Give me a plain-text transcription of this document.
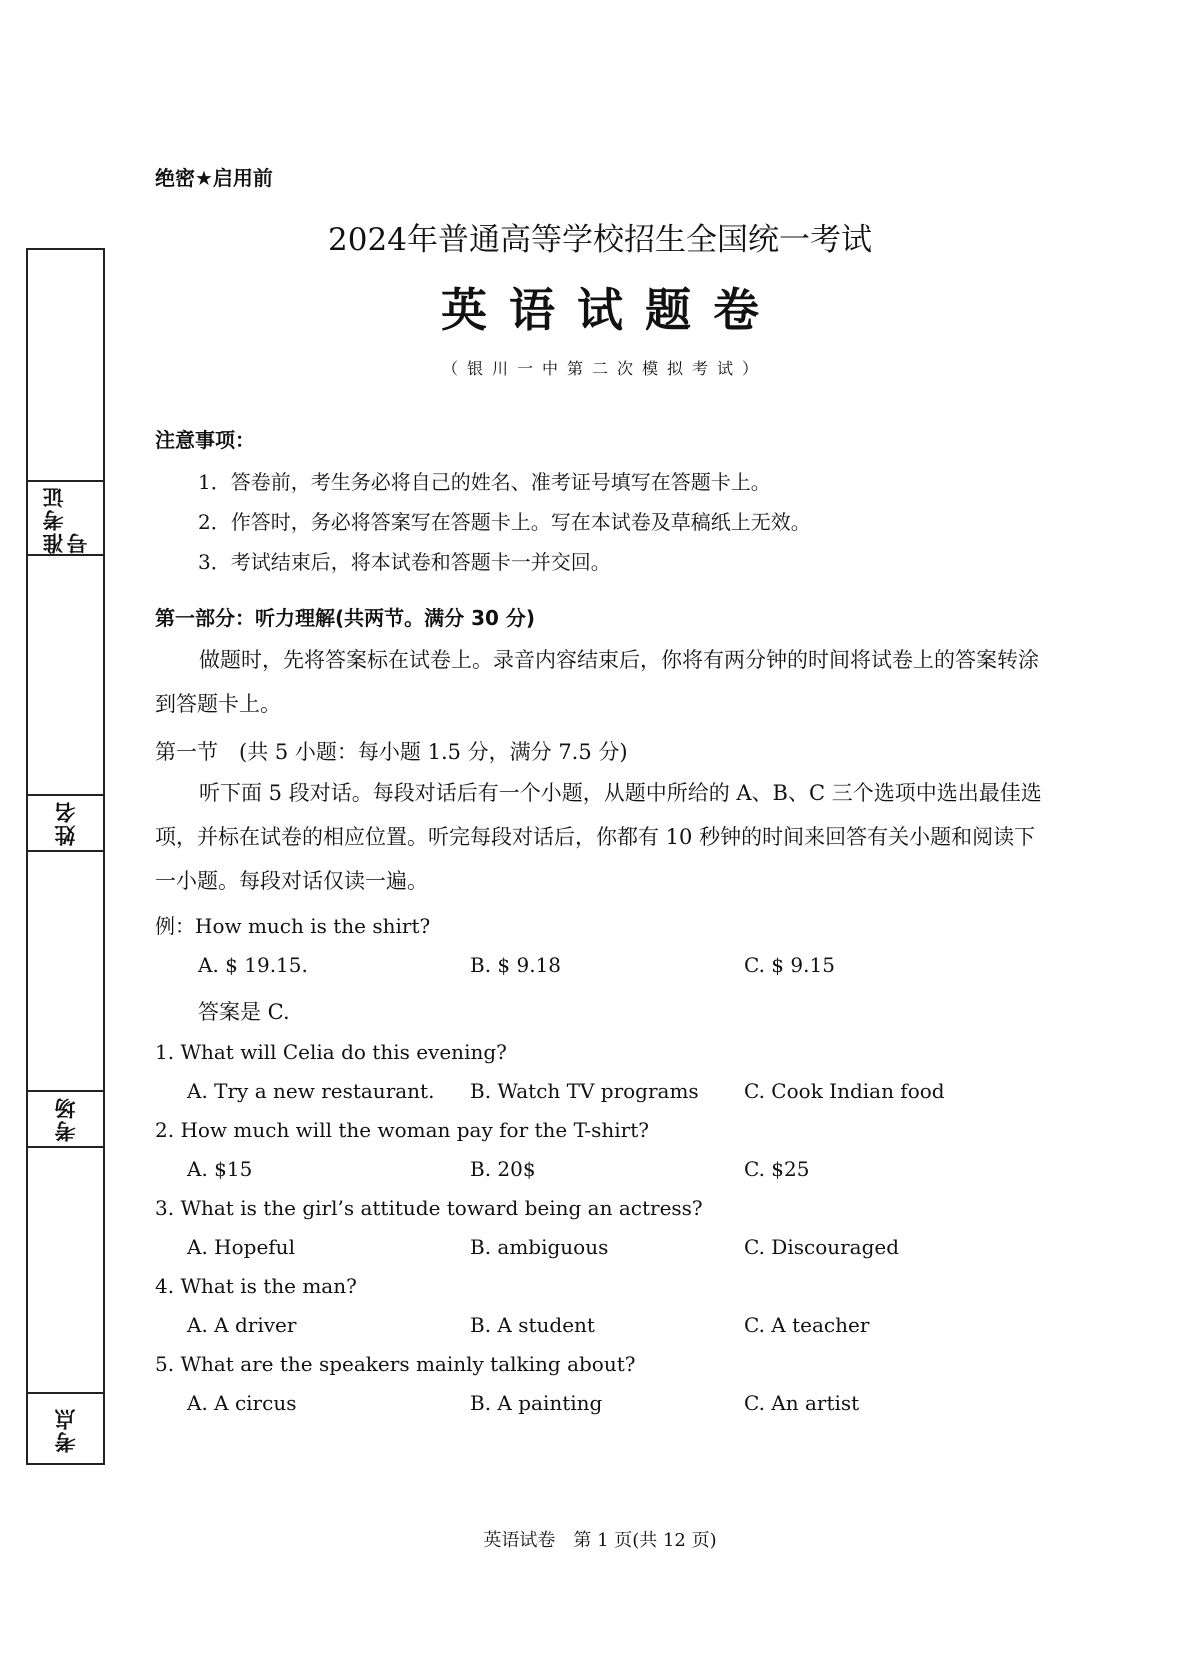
准考证号
姓名
考场
考点
绝密★启用前
2024年普通高等学校招生全国统一考试
英语试题卷
（银川一中第二次模拟考试）
注意事项：
1．答卷前，考生务必将自己的姓名、准考证号填写在答题卡上。
2．作答时，务必将答案写在答题卡上。写在本试卷及草稿纸上无效。
3．考试结束后，将本试卷和答题卡一并交回。
第一部分：听力理解(共两节。满分 30 分)
做题时，先将答案标在试卷上。录音内容结束后，你将有两分钟的时间将试卷上的答案转涂到答题卡上。
第一节　(共 5 小题：每小题 1.5 分，满分 7.5 分)
听下面 5 段对话。每段对话后有一个小题，从题中所给的 A、B、C 三个选项中选出最佳选项，并标在试卷的相应位置。听完每段对话后，你都有 10 秒钟的时间来回答有关小题和阅读下一小题。每段对话仅读一遍。
例：How much is the shirt?
A. $ 19.15.	B. $ 9.18	C. $ 9.15
答案是 C.
1. What will Celia do this evening?
A. Try a new restaurant. B. Watch TV programs C. Cook Indian food
2. How much will the woman pay for the T-shirt?
A. $15	B. 20$	C. $25
3. What is the girl’s attitude toward being an actress?
A. Hopeful	B. ambiguous	C. Discouraged
4. What is the man?
A. A driver	B. A student	C. A teacher
5. What are the speakers mainly talking about?
A. A circus	B. A painting	C. An artist
英语试卷　第 1 页(共 12 页)
